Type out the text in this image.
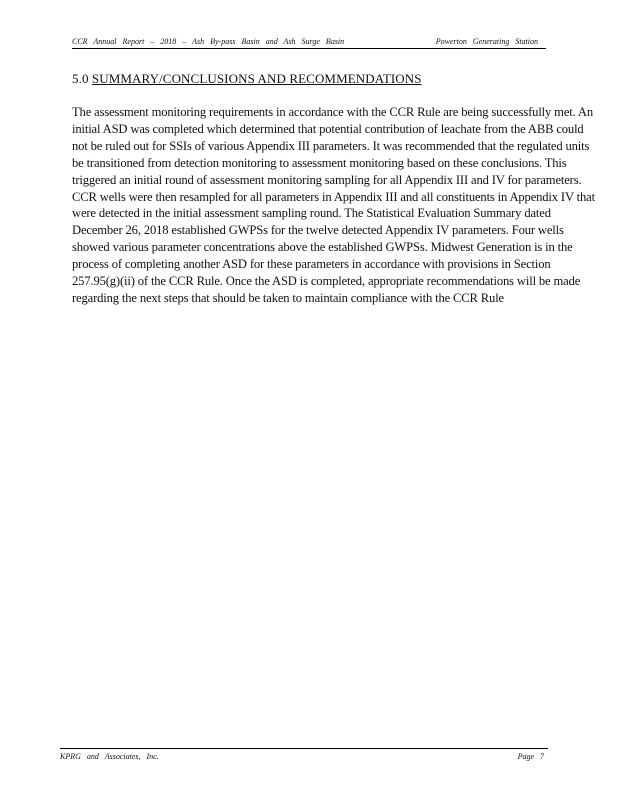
CCR Annual Report – 2018 – Ash By-pass Basin and Ash Surge Basin	Powerton Generating Station
5.0 SUMMARY/CONCLUSIONS AND RECOMMENDATIONS

The assessment monitoring requirements in accordance with the CCR Rule are being successfully met. An initial ASD was completed which determined that potential contribution of leachate from the ABB could not be ruled out for SSIs of various Appendix III parameters. It was recommended that the regulated units be transitioned from detection monitoring to assessment monitoring based on these conclusions. This triggered an initial round of assessment monitoring sampling for all Appendix III and IV for parameters. CCR wells were then resampled for all parameters in Appendix III and all constituents in Appendix IV that were detected in the initial assessment sampling round. The Statistical Evaluation Summary dated December 26, 2018 established GWPSs for the twelve detected Appendix IV parameters. Four wells showed various parameter concentrations above the established GWPSs. Midwest Generation is in the process of completing another ASD for these parameters in accordance with provisions in Section 257.95(g)(ii) of the CCR Rule. Once the ASD is completed, appropriate recommendations will be made regarding the next steps that should be taken to maintain compliance with the CCR Rule

KPRG and Associates, Inc.	Page 7
